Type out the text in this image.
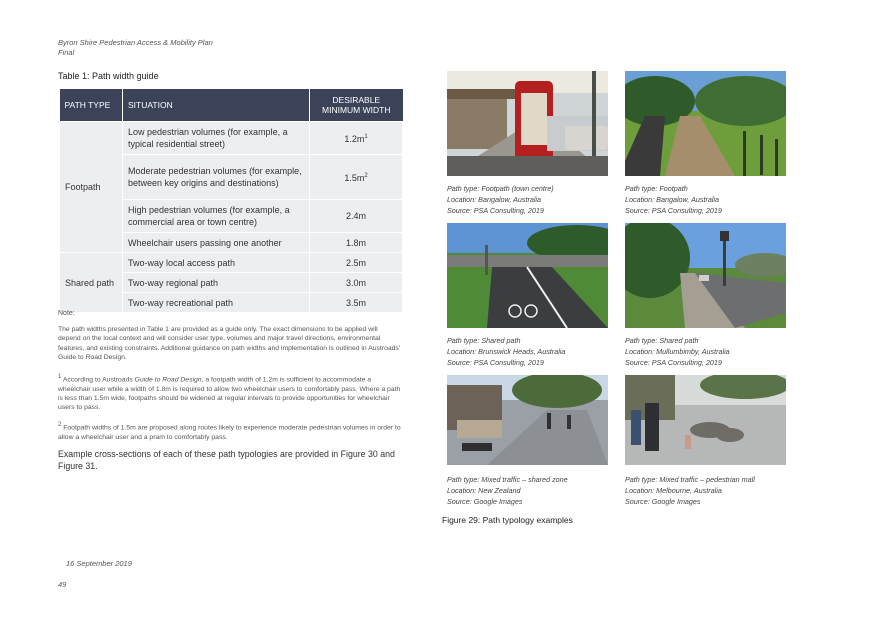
Byron Shire Pedestrian Access & Mobility Plan
Final
Table 1: Path width guide
PATH TYPE	SITUATION	DESIRABLE
MINIMUM WIDTH
Footpath	Low pedestrian volumes (for example, a typical residential street)	$1.2m^1$
	Moderate pedestrian volumes (for example, between key origins and destinations)	$1.5m^2$
	High pedestrian volumes (for example, a commercial area or town centre)	2.4m
	Wheelchair users passing one another	1.8m
Shared path	Two-way local access path	2.5m
	Two-way regional path	3.0m
	Two-way recreational path	3.5m
Note:
The path widths presented in Table 1 are provided as a guide only. The exact dimensions to be applied will depend on the local context and will consider user type, volumes and major travel directions, environmental features, and existing constraints. Additional guidance on path widths and implementation is outlined in Austroads' Guide to Road Design.
$^1$ According to Austroads Guide to Road Design, a footpath width of 1.2m is sufficient to accommodate a wheelchair user while a width of 1.8m is required to allow two wheelchair users to comfortably pass. Where a path is less than 1.5m wide, footpaths should be widened at regular intervals to provide opportunities for wheelchair users to pass.
$^2$ Footpath widths of 1.5m are proposed along routes likely to experience moderate pedestrian volumes in order to allow a wheelchair user and a pram to comfortably pass.
Example cross-sections of each of these path typologies are provided in Figure 30 and Figure 31.
16 September 2019
49
Path type: Footpath (town centre)
Location: Bangalow, Australia
Source: PSA Consulting, 2019
Path type: Footpath
Location: Bangalow, Australia
Source: PSA Consulting, 2019
Path type: Shared path
Location: Brunswick Heads, Australia
Source: PSA Consulting, 2019
Path type: Shared path
Location: Mullumbimby, Australia
Source: PSA Consulting, 2019
Path type: Mixed traffic – shared zone
Location: New Zealand
Source: Google Images
Path type: Mixed traffic – pedestrian mall
Location: Melbourne, Australia
Source: Google Images
Figure 29: Path typology examples
